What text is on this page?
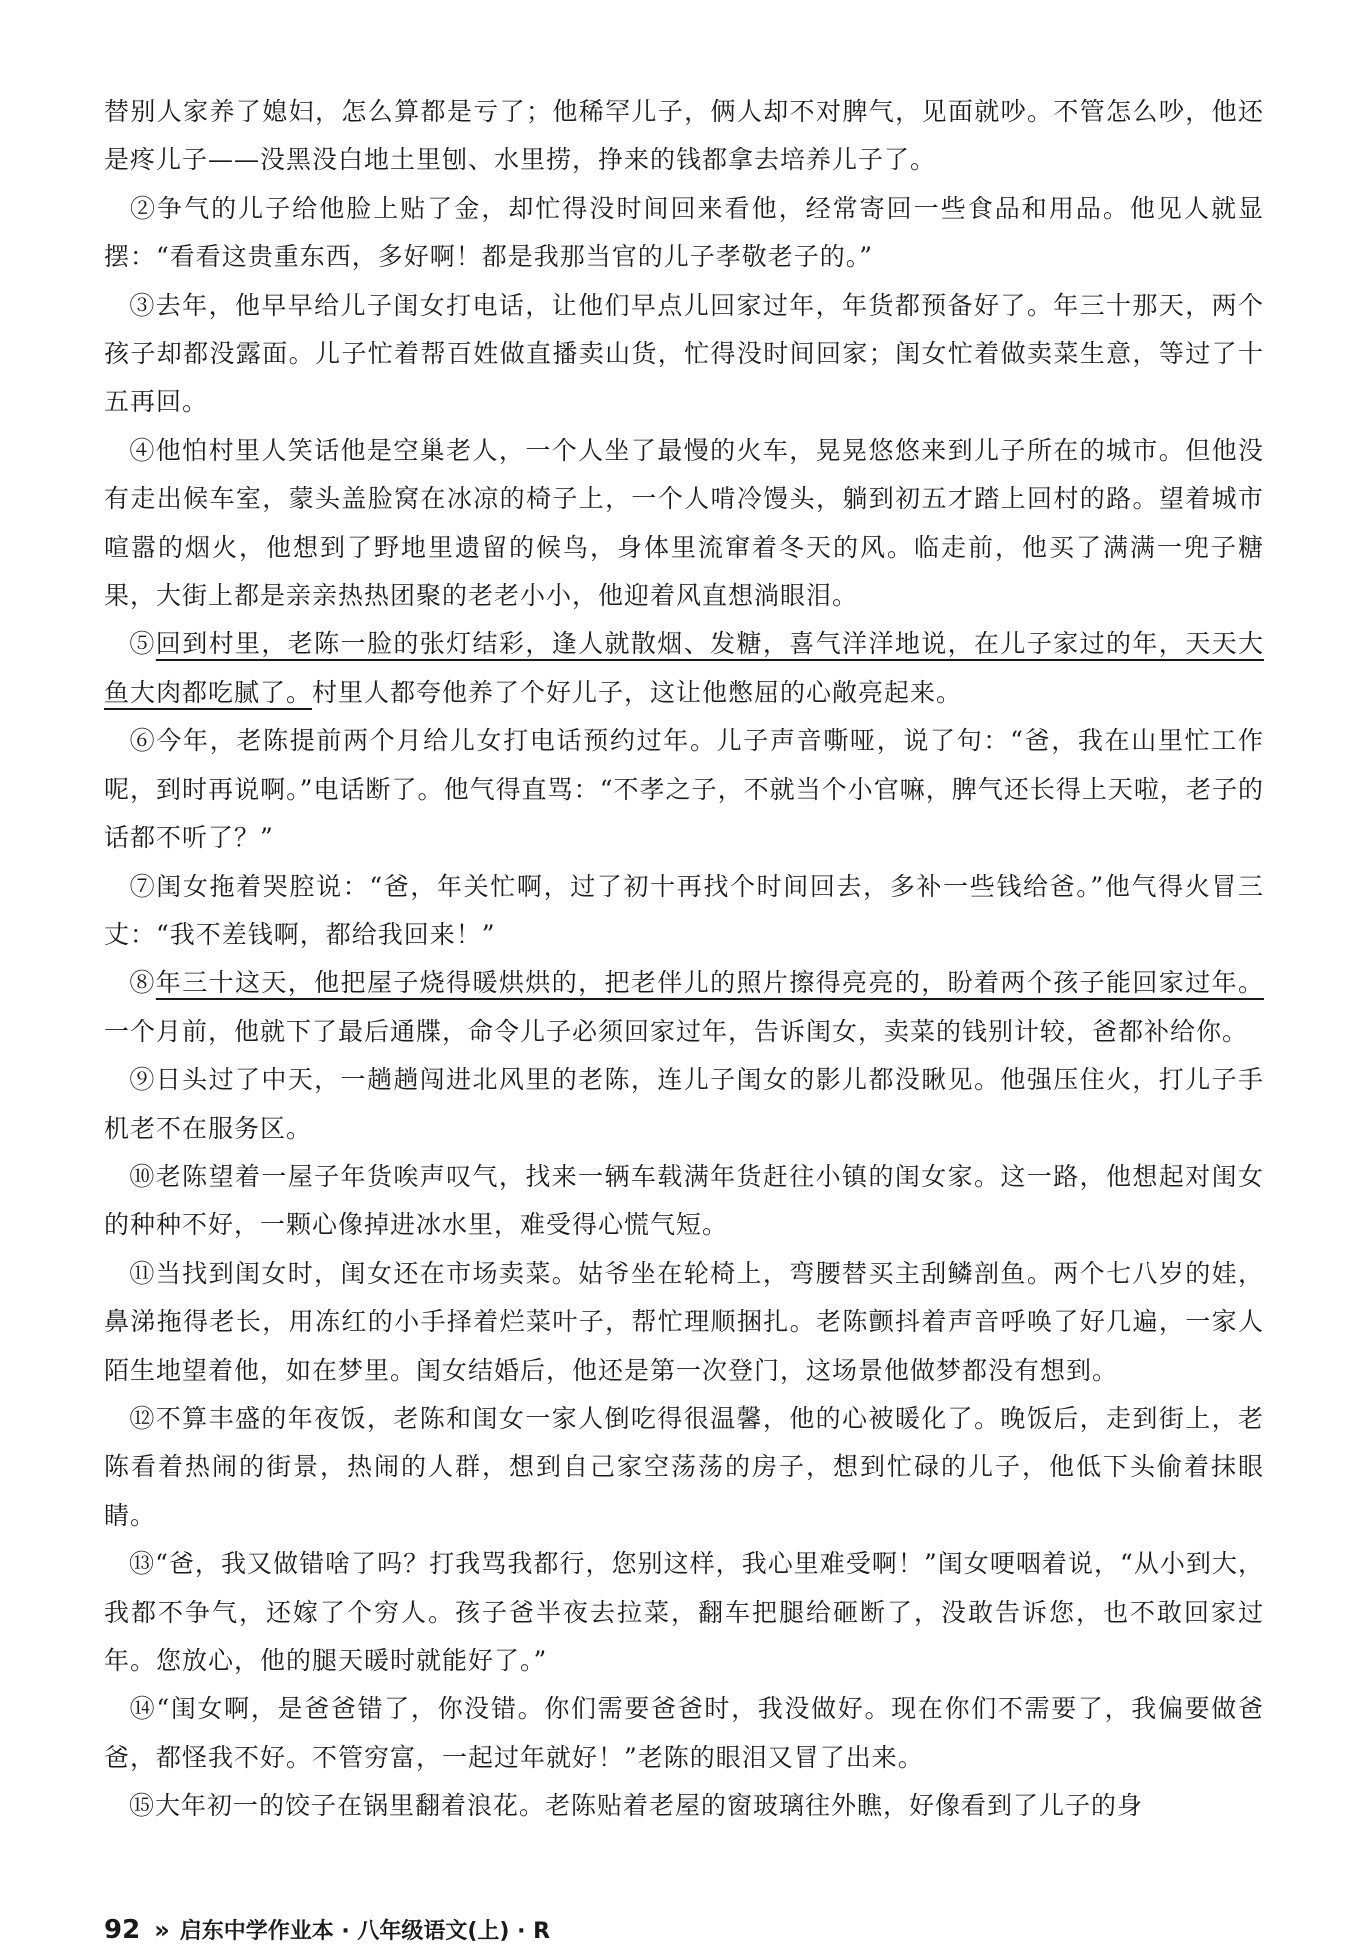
替别人家养了媳妇，怎么算都是亏了；他稀罕儿子，俩人却不对脾气，见面就吵。不管怎么吵，他还是疼儿子——没黑没白地土里刨、水里捞，挣来的钱都拿去培养儿子了。

②争气的儿子给他脸上贴了金，却忙得没时间回来看他，经常寄回一些食品和用品。他见人就显摆：“看看这贵重东西，多好啊！都是我那当官的儿子孝敬老子的。”

③去年，他早早给儿子闺女打电话，让他们早点儿回家过年，年货都预备好了。年三十那天，两个孩子却都没露面。儿子忙着帮百姓做直播卖山货，忙得没时间回家；闺女忙着做卖菜生意，等过了十五再回。

④他怕村里人笑话他是空巢老人，一个人坐了最慢的火车，晃晃悠悠来到儿子所在的城市。但他没有走出候车室，蒙头盖脸窝在冰凉的椅子上，一个人啃冷馒头，躺到初五才踏上回村的路。望着城市喧嚣的烟火，他想到了野地里遗留的候鸟，身体里流窜着冬天的风。临走前，他买了满满一兜子糖果，大街上都是亲亲热热团聚的老老小小，他迎着风直想淌眼泪。

⑤回到村里，老陈一脸的张灯结彩，逢人就散烟、发糖，喜气洋洋地说，在儿子家过的年，天天大鱼大肉都吃腻了。村里人都夸他养了个好儿子，这让他憋屈的心敞亮起来。

⑥今年，老陈提前两个月给儿女打电话预约过年。儿子声音嘶哑，说了句：“爸，我在山里忙工作呢，到时再说啊。”电话断了。他气得直骂：“不孝之子，不就当个小官嘛，脾气还长得上天啦，老子的话都不听了？”

⑦闺女拖着哭腔说：“爸，年关忙啊，过了初十再找个时间回去，多补一些钱给爸。”他气得火冒三丈：“我不差钱啊，都给我回来！”

⑧年三十这天，他把屋子烧得暖烘烘的，把老伴儿的照片擦得亮亮的，盼着两个孩子能回家过年。一个月前，他就下了最后通牒，命令儿子必须回家过年，告诉闺女，卖菜的钱别计较，爸都补给你。

⑨日头过了中天，一趟趟闯进北风里的老陈，连儿子闺女的影儿都没瞅见。他强压住火，打儿子手机老不在服务区。

⑩老陈望着一屋子年货唉声叹气，找来一辆车载满年货赶往小镇的闺女家。这一路，他想起对闺女的种种不好，一颗心像掉进冰水里，难受得心慌气短。

⑪当找到闺女时，闺女还在市场卖菜。姑爷坐在轮椅上，弯腰替买主刮鳞剖鱼。两个七八岁的娃，鼻涕拖得老长，用冻红的小手择着烂菜叶子，帮忙理顺捆扎。老陈颤抖着声音呼唤了好几遍，一家人陌生地望着他，如在梦里。闺女结婚后，他还是第一次登门，这场景他做梦都没有想到。

⑫不算丰盛的年夜饭，老陈和闺女一家人倒吃得很温馨，他的心被暖化了。晚饭后，走到街上，老陈看着热闹的街景，热闹的人群，想到自己家空荡荡的房子，想到忙碌的儿子，他低下头偷着抹眼睛。

⑬“爸，我又做错啥了吗？打我骂我都行，您别这样，我心里难受啊！”闺女哽咽着说，“从小到大，我都不争气，还嫁了个穷人。孩子爸半夜去拉菜，翻车把腿给砸断了，没敢告诉您，也不敢回家过年。您放心，他的腿天暖时就能好了。”

⑭“闺女啊，是爸爸错了，你没错。你们需要爸爸时，我没做好。现在你们不需要了，我偏要做爸爸，都怪我不好。不管穷富，一起过年就好！”老陈的眼泪又冒了出来。

⑮大年初一的饺子在锅里翻着浪花。老陈贴着老屋的窗玻璃往外瞧，好像看到了儿子的身

92 » 启东中学作业本 · 八年级语文(上) · R
